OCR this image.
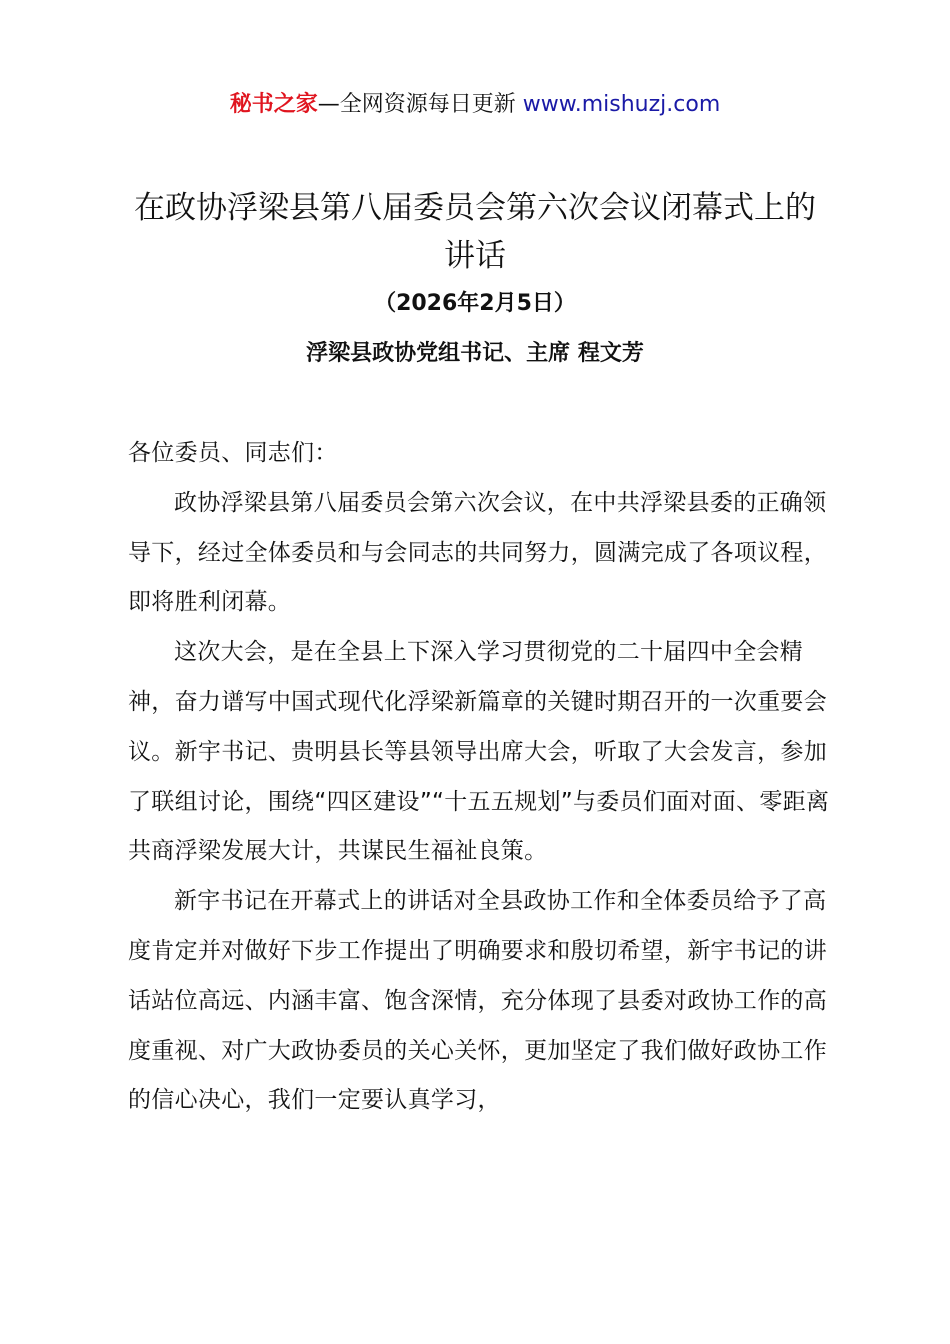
秘书之家—全网资源每日更新 www.mishuzj.com
在政协浮梁县第八届委员会第六次会议闭幕式上的讲话
（2026年2月5日）
浮梁县政协党组书记、主席 程文芳

各位委员、同志们：

政协浮梁县第八届委员会第六次会议，在中共浮梁县委的正确领导下，经过全体委员和与会同志的共同努力，圆满完成了各项议程，即将胜利闭幕。

这次大会，是在全县上下深入学习贯彻党的二十届四中全会精神，奋力谱写中国式现代化浮梁新篇章的关键时期召开的一次重要会议。新宇书记、贵明县长等县领导出席大会，听取了大会发言，参加了联组讨论，围绕“四区建设”“十五五规划”与委员们面对面、零距离共商浮梁发展大计，共谋民生福祉良策。

新宇书记在开幕式上的讲话对全县政协工作和全体委员给予了高度肯定并对做好下步工作提出了明确要求和殷切希望，新宇书记的讲话站位高远、内涵丰富、饱含深情，充分体现了县委对政协工作的高度重视、对广大政协委员的关心关怀，更加坚定了我们做好政协工作的信心决心，我们一定要认真学习，
